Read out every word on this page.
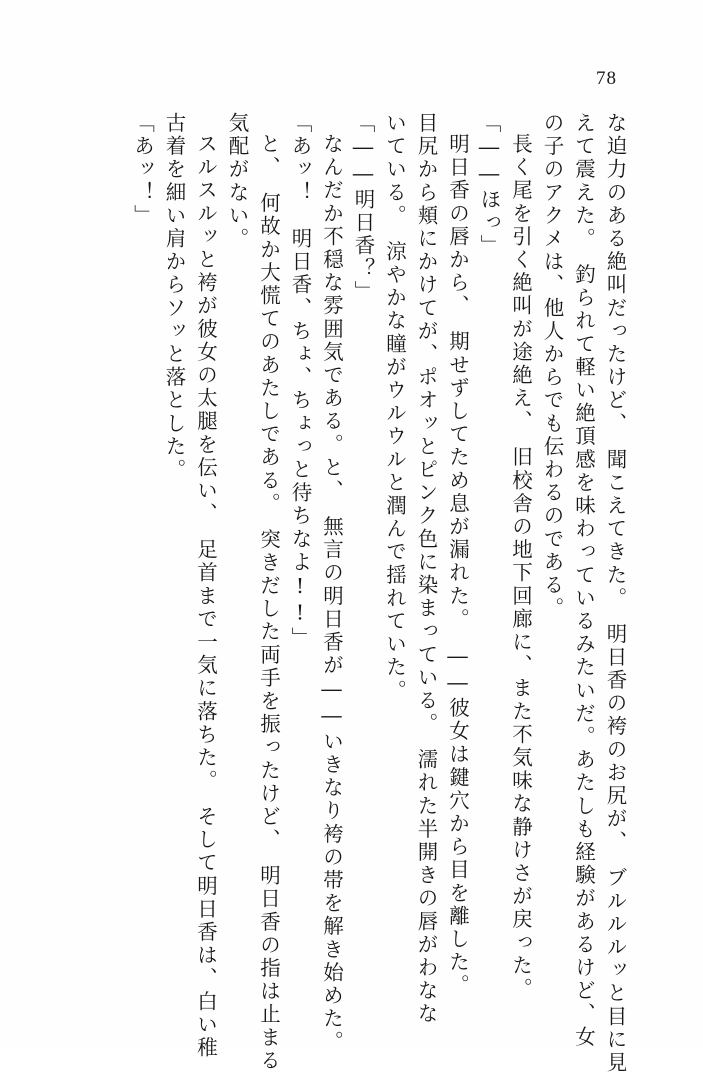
78
な迫力のある絶叫だったけど、　聞こえてきた。　明日香の袴のお尻が、　ブルルルッと目に見
えて震えた。　釣られて軽い絶頂感を味わっているみたいだ。あたしも経験があるけど、女
の子のアクメは、他人からでも伝わるのである。
長く尾を引く絶叫が途絶え、　旧校舎の地下回廊に、また不気味な静けさが戻った。
「――ほっ」
明日香の唇から、　期せずしてため息が漏れた。　――彼女は鍵穴から目を離した。
目尻から頬にかけてが、ポオッとピンク色に染まっている。　濡れた半開きの唇がわなな
いている。　涼やかな瞳がウルウルと潤んで揺れていた。
「――明日香？」
なんだか不穏な雰囲気である。と、　無言の明日香が――いきなり袴の帯を解き始めた。
「あッ！　明日香、ちょ、ちょっと待ちなよ!!」
と、　何故か大慌てのあたしである。　突きだした両手を振ったけど、　明日香の指は止まる
気配がない。
スルスルッと袴が彼女の太腿を伝い、　足首まで一気に落ちた。　そして明日香は、白い稚
古着を細い肩からソッと落とした。
「あッ！」
